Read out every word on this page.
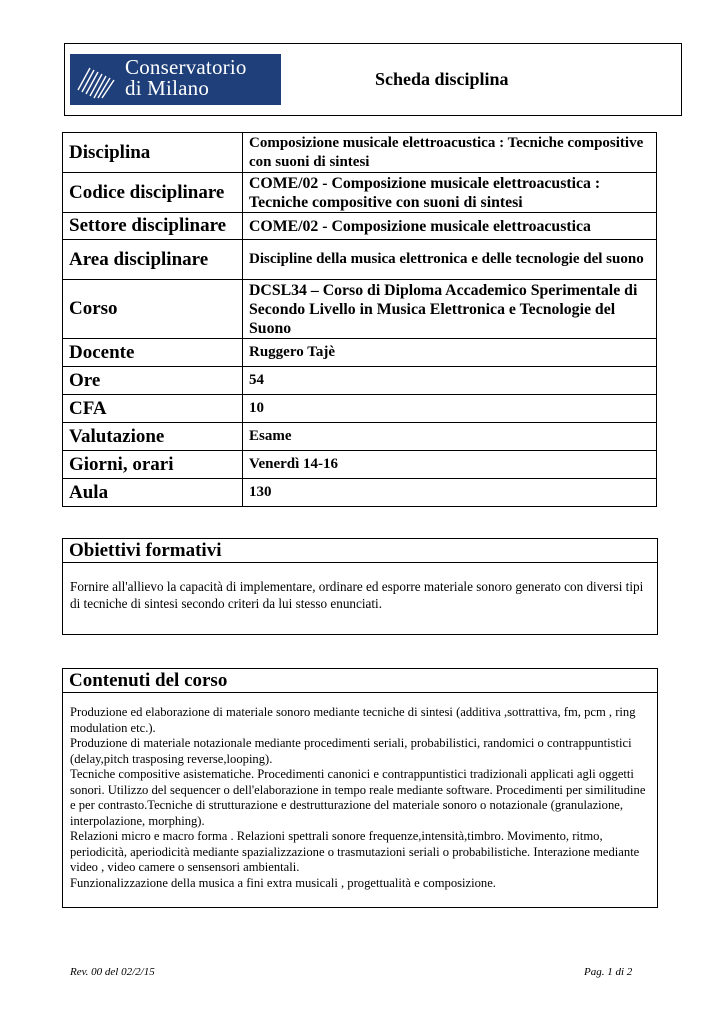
Conservatorio
di Milano	Scheda disciplina
Disciplina	Composizione musicale elettroacustica : Tecniche compositive con suoni di sintesi
Codice disciplinare	COME/02 - Composizione musicale elettroacustica : Tecniche compositive con suoni di sintesi
Settore disciplinare	COME/02 - Composizione musicale elettroacustica
Area disciplinare	Discipline della musica elettronica e delle tecnologie del suono
Corso	DCSL34 – Corso di Diploma Accademico Sperimentale di Secondo Livello in Musica Elettronica e Tecnologie del Suono
Docente	Ruggero Tajè
Ore	54
CFA	10
Valutazione	Esame
Giorni, orari	Venerdì 14-16
Aula	130
Obiettivi formativi
Fornire all'allievo la capacità di implementare, ordinare ed esporre materiale sonoro generato con diversi tipi di tecniche di sintesi secondo criteri da lui stesso enunciati.
Contenuti del corso
Produzione ed elaborazione di materiale sonoro mediante tecniche di sintesi (additiva ,sottrattiva, fm, pcm , ring modulation etc.).
Produzione di materiale notazionale mediante procedimenti seriali, probabilistici, randomici o contrappuntistici (delay,pitch trasposing reverse,looping).
Tecniche compositive asistematiche. Procedimenti canonici e contrappuntistici tradizionali applicati agli oggetti sonori. Utilizzo del sequencer o dell'elaborazione in tempo reale mediante software. Procedimenti per similitudine e per contrasto.Tecniche di strutturazione e destrutturazione del materiale sonoro o notazionale (granulazione, interpolazione, morphing).
Relazioni micro e macro forma . Relazioni spettrali sonore frequenze,intensità,timbro. Movimento, ritmo, periodicità, aperiodicità mediante spazializzazione o trasmutazioni seriali o probabilistiche. Interazione mediante video , video camere o sensensori ambientali.
Funzionalizzazione della musica a fini extra musicali , progettualità e composizione.
Rev. 00 del 02/2/15	Pag. 1 di 2
